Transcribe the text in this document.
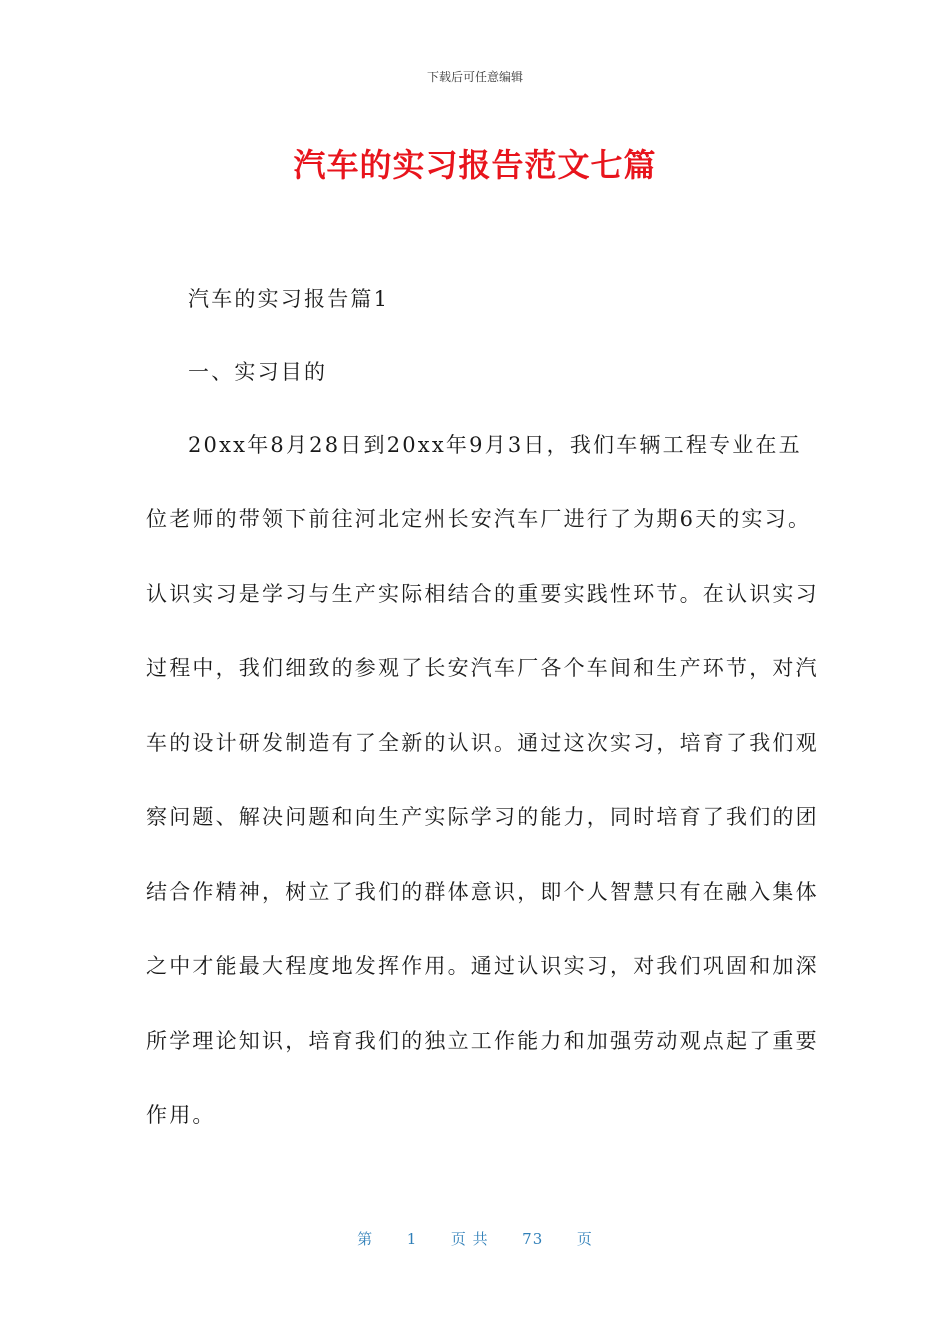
下载后可任意编辑
汽车的实习报告范文七篇
汽车的实习报告篇1
一、实习目的
20xx年8月28日到20xx年9月3日，我们车辆工程专业在五
位老师的带领下前往河北定州长安汽车厂进行了为期6天的实习。
认识实习是学习与生产实际相结合的重要实践性环节。在认识实习
过程中，我们细致的参观了长安汽车厂各个车间和生产环节，对汽
车的设计研发制造有了全新的认识。通过这次实习，培育了我们观
察问题、解决问题和向生产实际学习的能力，同时培育了我们的团
结合作精神，树立了我们的群体意识，即个人智慧只有在融入集体
之中才能最大程度地发挥作用。通过认识实习，对我们巩固和加深
所学理论知识，培育我们的独立工作能力和加强劳动观点起了重要
作用。
第 1 页 共 73 页
